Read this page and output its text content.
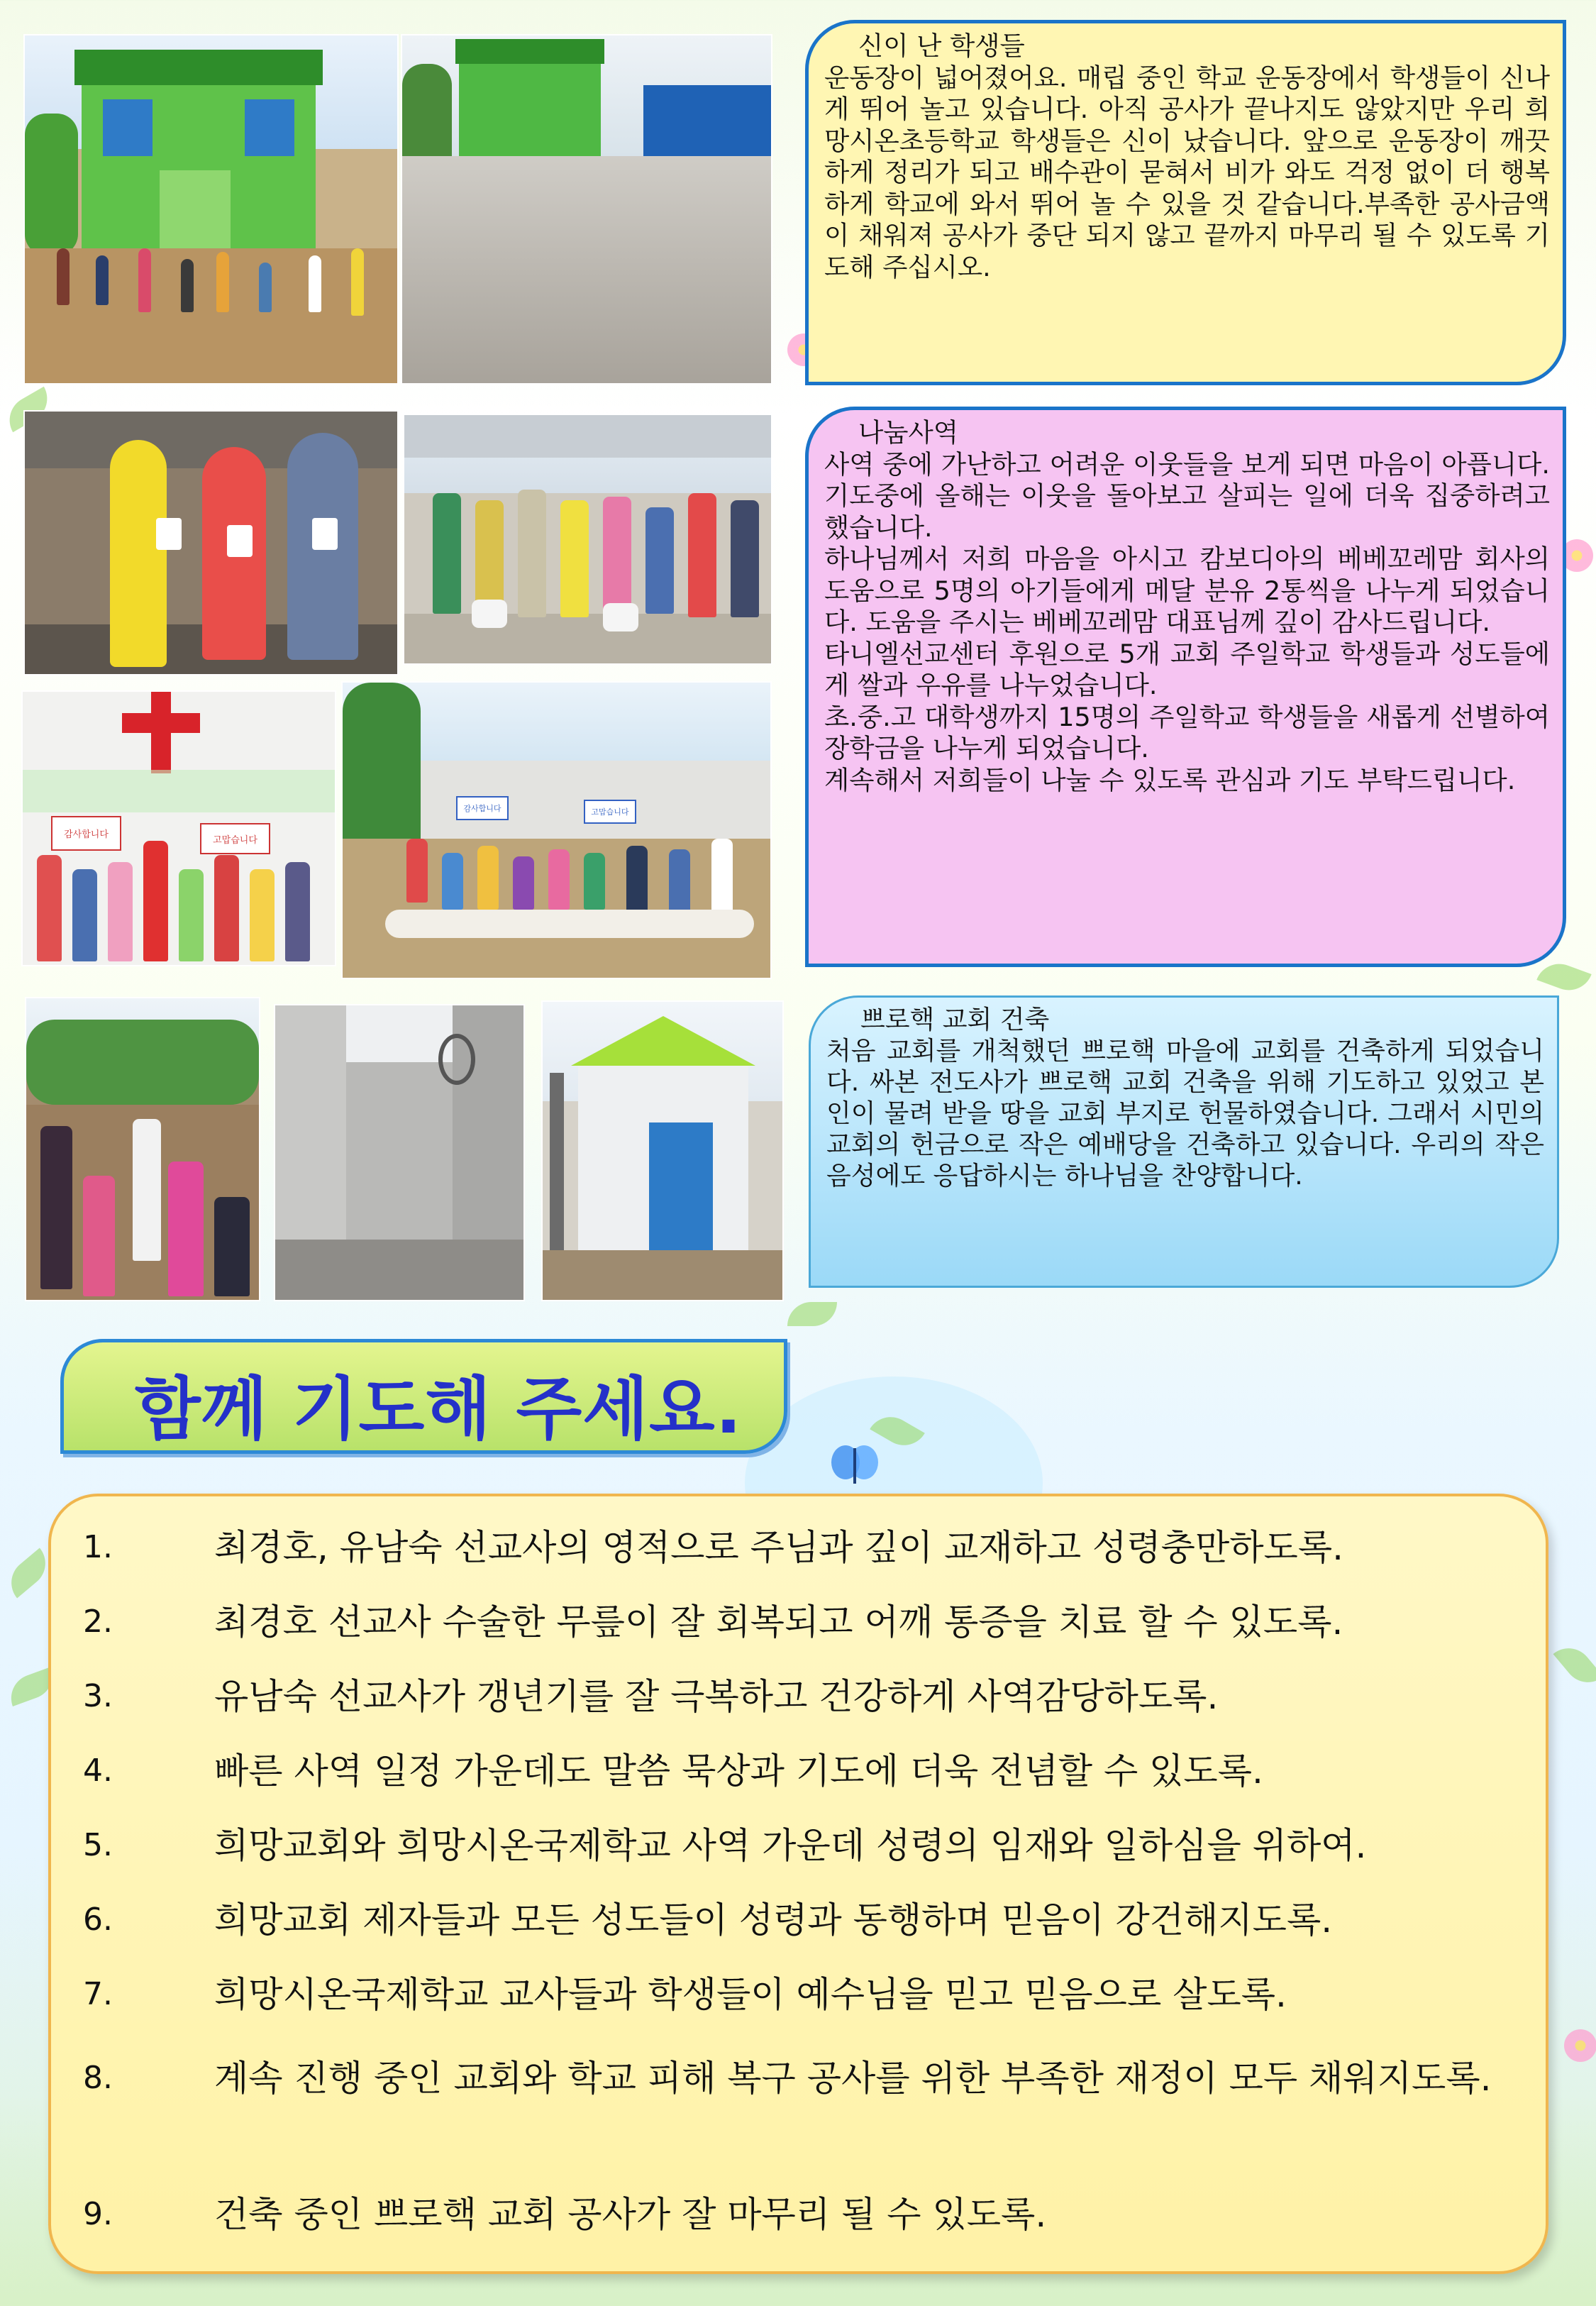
신이 난 학생들
운동장이 넓어졌어요. 매립 중인 학교 운동장에서 학생들이 신나게 뛰어 놀고 있습니다. 아직 공사가 끝나지도 않았지만 우리 희망시온초등학교 학생들은 신이 났습니다. 앞으로 운동장이 깨끗하게 정리가 되고 배수관이 묻혀서 비가 와도 걱정 없이 더 행복하게 학교에 와서 뛰어 놀 수 있을 것 같습니다.부족한 공사금액이 채워져 공사가 중단 되지 않고 끝까지 마무리 될 수 있도록 기도해 주십시오.
감사합니다
고맙습니다
감사합니다	고맙습니다
나눔사역
사역 중에 가난하고 어려운 이웃들을 보게 되면 마음이 아픕니다. 기도중에 올해는 이웃을 돌아보고 살피는 일에 더욱 집중하려고 했습니다.
하나님께서 저희 마음을 아시고 캄보디아의 베베꼬레맘 회사의 도움으로 5명의 아기들에게 메달 분유 2통씩을 나누게 되었습니다. 도움을 주시는 베베꼬레맘 대표님께 깊이 감사드립니다.
타니엘선교센터 후원으로 5개 교회 주일학교 학생들과 성도들에게 쌀과 우유를 나누었습니다.
초.중.고 대학생까지 15명의 주일학교 학생들을 새롭게 선별하여 장학금을 나누게 되었습니다.
계속해서 저희들이 나눌 수 있도록 관심과 기도 부탁드립니다.
쁘로핵 교회 건축
처음 교회를 개척했던 쁘로핵 마을에 교회를 건축하게 되었습니다. 싸본 전도사가 쁘로핵 교회 건축을 위해 기도하고 있었고 본인이 물려 받을 땅을 교회 부지로 헌물하였습니다. 그래서 시민의 교회의 헌금으로 작은 예배당을 건축하고 있습니다. 우리의 작은 음성에도 응답하시는 하나님을 찬양합니다.
함께 기도해 주세요.
1.	최경호, 유남숙 선교사의 영적으로 주님과 깊이 교재하고 성령충만하도록.
2.	최경호 선교사 수술한 무릎이 잘 회복되고 어깨 통증을 치료 할 수 있도록.
3.	유남숙 선교사가 갱년기를 잘 극복하고 건강하게 사역감당하도록.
4.	빠른 사역 일정 가운데도 말씀 묵상과 기도에 더욱 전념할 수 있도록.
5.	희망교회와 희망시온국제학교 사역 가운데 성령의 임재와 일하심을 위하여.
6.	희망교회 제자들과 모든 성도들이 성령과 동행하며 믿음이 강건해지도록.
7.	희망시온국제학교 교사들과 학생들이 예수님을 믿고 믿음으로 살도록.
8.	계속 진행 중인 교회와 학교 피해 복구 공사를 위한 부족한 재정이 모두 채워지도록.
9.	건축 중인 쁘로핵 교회 공사가 잘 마무리 될 수 있도록.
